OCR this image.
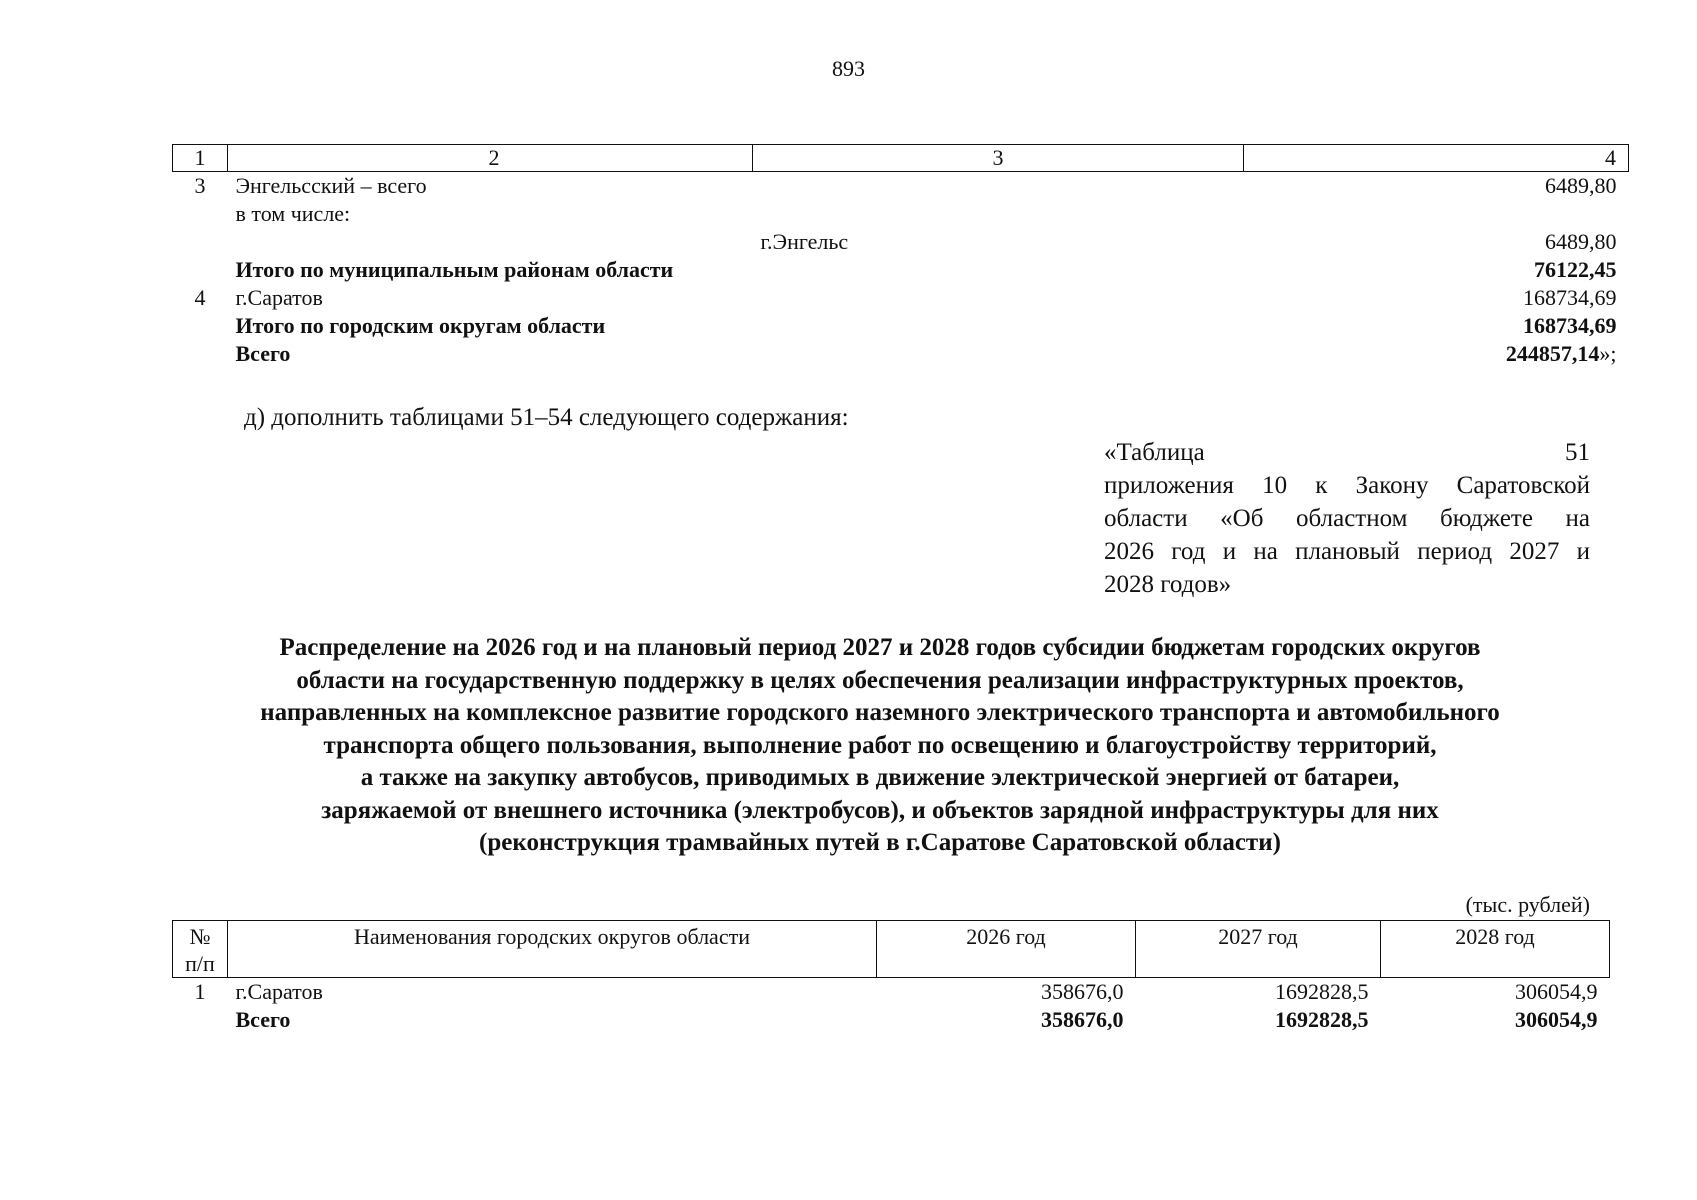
893
1	2	3	4
3	Энгельсский – всего		6489,80
	в том числе:		
		г.Энгельс	6489,80
	Итого по муниципальным районам области		76122,45
4	г.Саратов		168734,69
	Итого по городским округам области		168734,69
	Всего		244857,14»;
д) дополнить таблицами 51–54 следующего содержания:
«Таблица 51
приложения 10 к Закону Саратовской
области «Об областном бюджете на
2026 год и на плановый период 2027 и
2028 годов»
Распределение на 2026 год и на плановый период 2027 и 2028 годов субсидии бюджетам городских округов
области на государственную поддержку в целях обеспечения реализации инфраструктурных проектов,
направленных на комплексное развитие городского наземного электрического транспорта и автомобильного
транспорта общего пользования, выполнение работ по освещению и благоустройству территорий,
а также на закупку автобусов, приводимых в движение электрической энергией от батареи,
заряжаемой от внешнего источника (электробусов), и объектов зарядной инфраструктуры для них
(реконструкция трамвайных путей в г.Саратове Саратовской области)
(тыс. рублей)
№
п/п	Наименования городских округов области	2026 год	2027 год	2028 год
1	г.Саратов	358676,0	1692828,5	306054,9
	Всего	358676,0	1692828,5	306054,9
